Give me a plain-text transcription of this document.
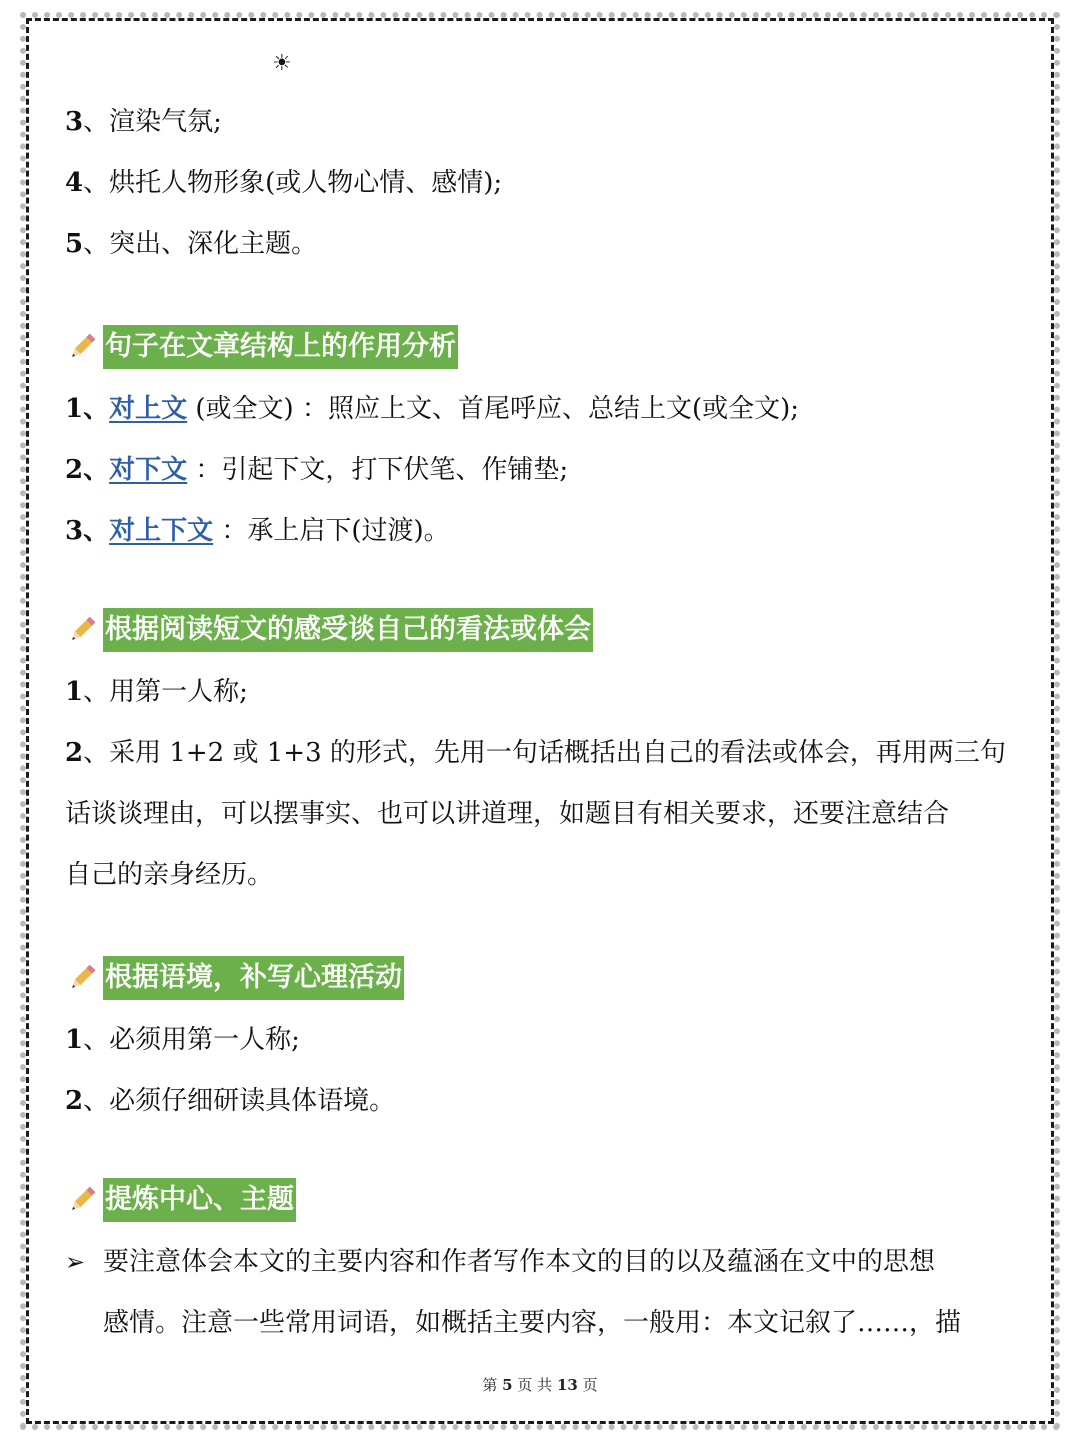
☀
3、渲染气氛;
4、烘托人物形象(或人物心情、感情);
5、突出、深化主题。
句子在文章结构上的作用分析
1、对上文 (或全文) ：照应上文、首尾呼应、总结上文(或全文);
2、对下文 ：引起下文，打下伏笔、作铺垫;
3、对上下文 ：承上启下(过渡)。
根据阅读短文的感受谈自己的看法或体会
1、用第一人称;
2、采用 1+2 或 1+3 的形式，先用一句话概括出自己的看法或体会，再用两三句
话谈谈理由，可以摆事实、也可以讲道理，如题目有相关要求，还要注意结合
自己的亲身经历。
根据语境，补写心理活动
1、必须用第一人称;
2、必须仔细研读具体语境。
提炼中心、主题
➢ 要注意体会本文的主要内容和作者写作本文的目的以及蕴涵在文中的思想
感情。注意一些常用词语，如概括主要内容，一般用：本文记叙了……，描
第 5 页 共 13 页
